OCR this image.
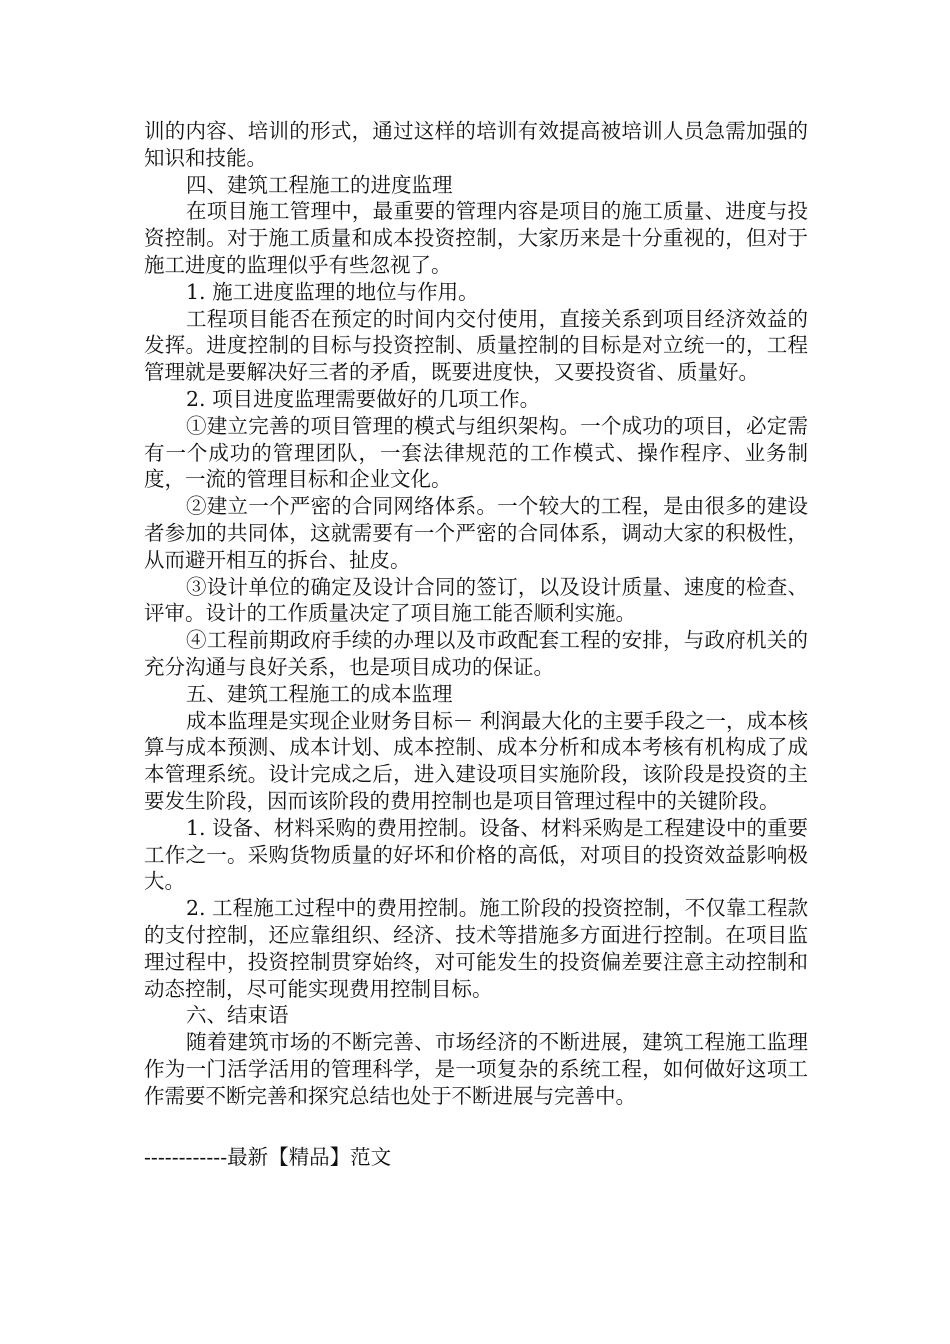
训的内容、培训的形式，通过这样的培训有效提高被培训人员急需加强的知识和技能。

四、建筑工程施工的进度监理

在项目施工管理中，最重要的管理内容是项目的施工质量、进度与投资控制。对于施工质量和成本投资控制，大家历来是十分重视的，但对于施工进度的监理似乎有些忽视了。

1. 施工进度监理的地位与作用。

工程项目能否在预定的时间内交付使用，直接关系到项目经济效益的发挥。进度控制的目标与投资控制、质量控制的目标是对立统一的，工程管理就是要解决好三者的矛盾，既要进度快，又要投资省、质量好。

2. 项目进度监理需要做好的几项工作。

①建立完善的项目管理的模式与组织架构。一个成功的项目，必定需有一个成功的管理团队，一套法律规范的工作模式、操作程序、业务制度，一流的管理目标和企业文化。

②建立一个严密的合同网络体系。一个较大的工程，是由很多的建设者参加的共同体，这就需要有一个严密的合同体系，调动大家的积极性，从而避开相互的拆台、扯皮。

③设计单位的确定及设计合同的签订，以及设计质量、速度的检查、评审。设计的工作质量决定了项目施工能否顺利实施。

④工程前期政府手续的办理以及市政配套工程的安排，与政府机关的充分沟通与良好关系，也是项目成功的保证。

五、建筑工程施工的成本监理

成本监理是实现企业财务目标－ 利润最大化的主要手段之一，成本核算与成本预测、成本计划、成本控制、成本分析和成本考核有机构成了成本管理系统。设计完成之后，进入建设项目实施阶段，该阶段是投资的主要发生阶段，因而该阶段的费用控制也是项目管理过程中的关键阶段。

1. 设备、材料采购的费用控制。设备、材料采购是工程建设中的重要工作之一。采购货物质量的好坏和价格的高低，对项目的投资效益影响极大。

2. 工程施工过程中的费用控制。施工阶段的投资控制，不仅靠工程款的支付控制，还应靠组织、经济、技术等措施多方面进行控制。在项目监理过程中，投资控制贯穿始终，对可能发生的投资偏差要注意主动控制和动态控制，尽可能实现费用控制目标。

六、结束语

随着建筑市场的不断完善、市场经济的不断进展，建筑工程施工监理作为一门活学活用的管理科学，是一项复杂的系统工程，如何做好这项工作需要不断完善和探究总结也处于不断进展与完善中。

------------最新【精品】范文
